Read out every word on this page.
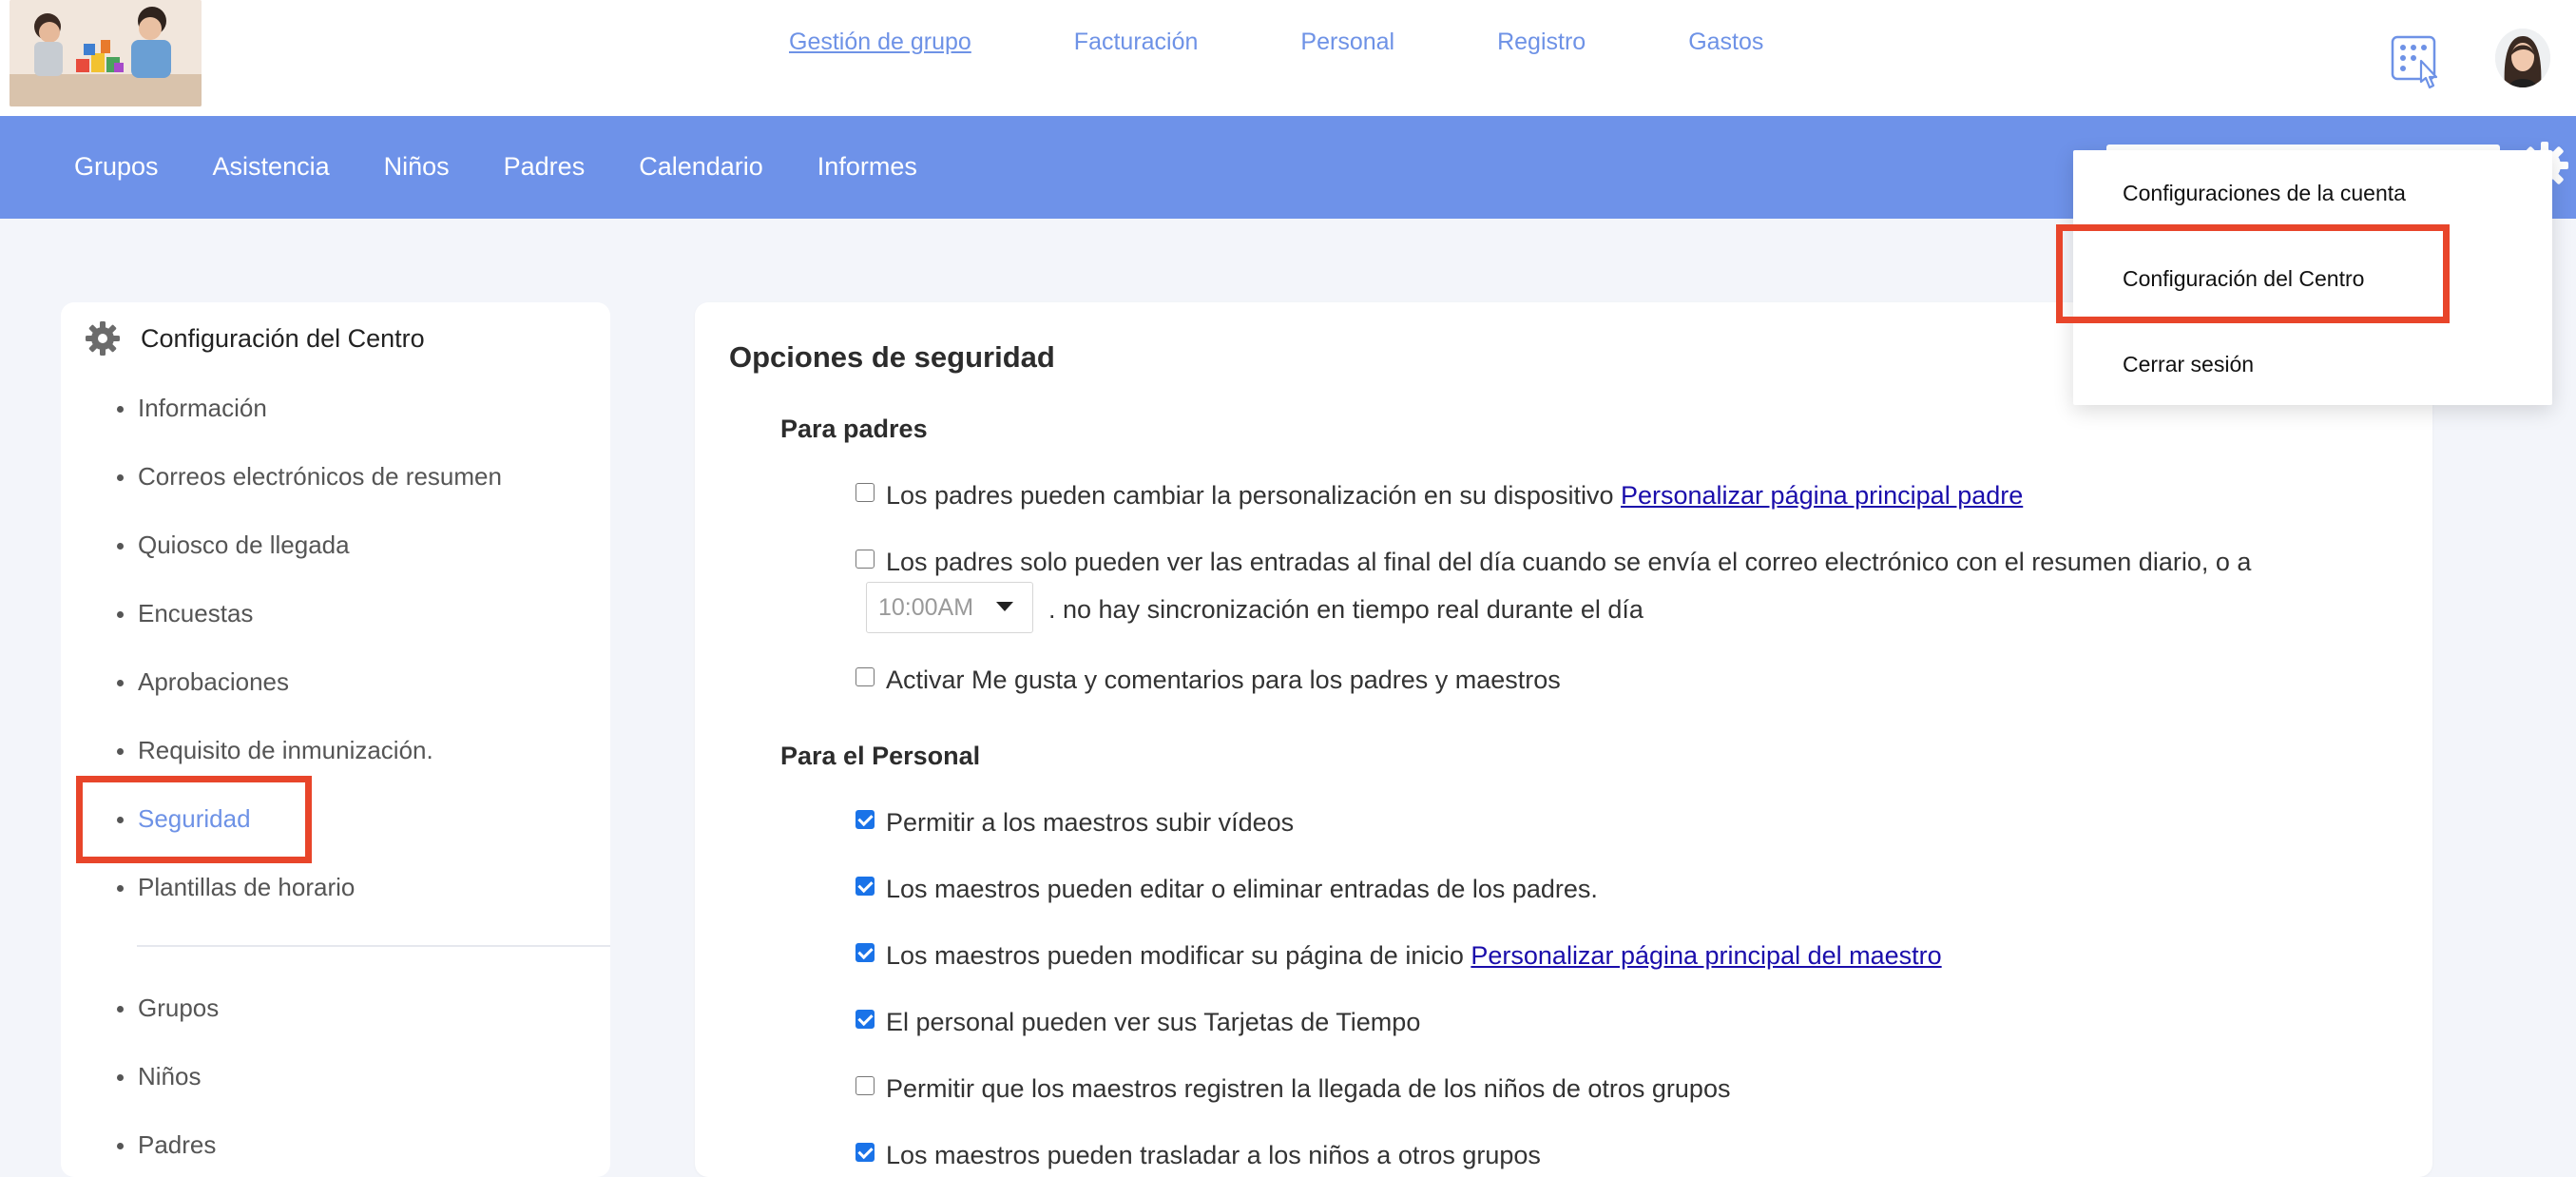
Gestión de grupo	Facturación	Personal	Registro	Gastos
Grupos Asistencia Niños Padres Calendario Informes
Configuraciones de la cuenta
Configuración del Centro
Cerrar sesión
Configuración del Centro
Información
Correos electrónicos de resumen
Quiosco de llegada
Encuestas
Aprobaciones
Requisito de inmunización.
Seguridad
Plantillas de horario
Grupos
Niños
Padres
Opciones de seguridad
Para padres
Los padres pueden cambiar la personalización en su dispositivo Personalizar página principal padre
Los padres solo pueden ver las entradas al final del día cuando se envía el correo electrónico con el resumen diario, o a
10:00AM	. no hay sincronización en tiempo real durante el día
Activar Me gusta y comentarios para los padres y maestros
Para el Personal
Permitir a los maestros subir vídeos
Los maestros pueden editar o eliminar entradas de los padres.
Los maestros pueden modificar su página de inicio Personalizar página principal del maestro
El personal pueden ver sus Tarjetas de Tiempo
Permitir que los maestros registren la llegada de los niños de otros grupos
Los maestros pueden trasladar a los niños a otros grupos
